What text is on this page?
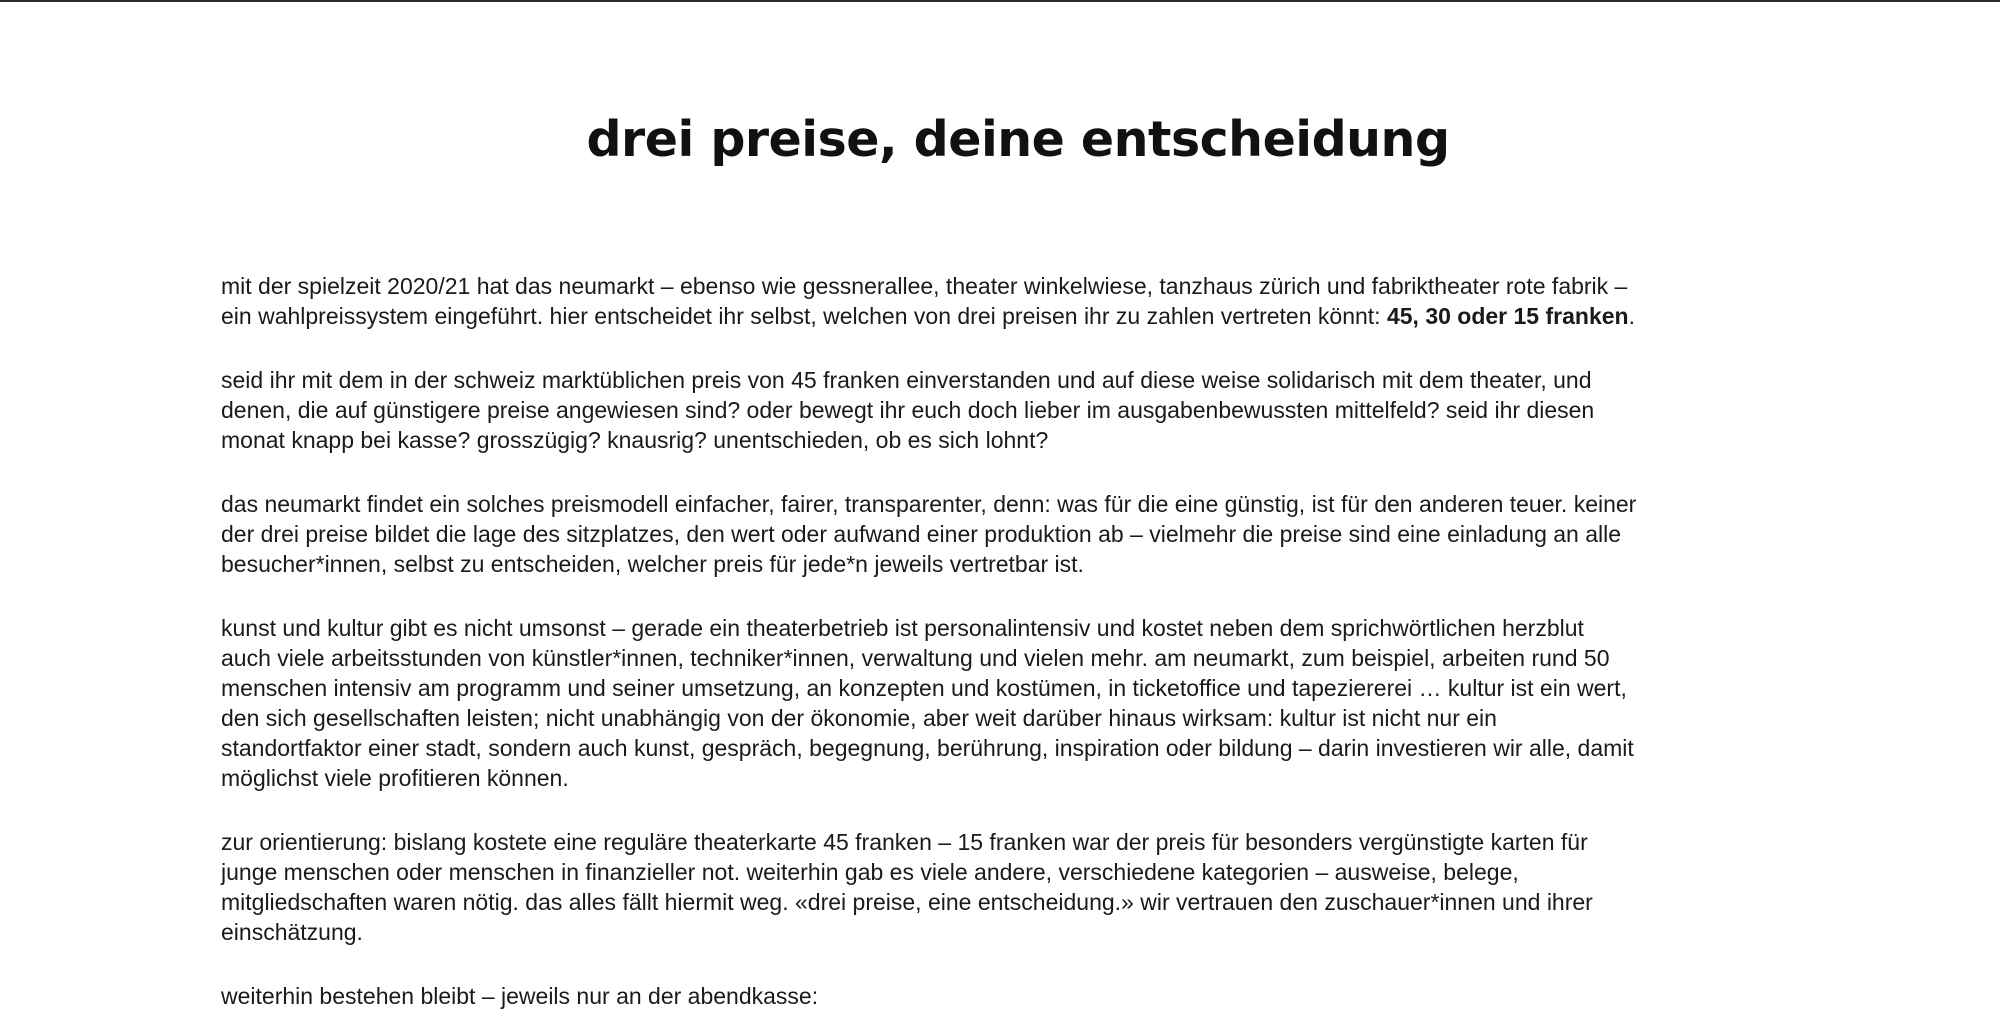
drei preise, deine entscheidung

mit der spielzeit 2020/21 hat das neumarkt – ebenso wie gessnerallee, theater winkelwiese, tanzhaus zürich und fabriktheater rote fabrik –
ein wahlpreissystem eingeführt. hier entscheidet ihr selbst, welchen von drei preisen ihr zu zahlen vertreten könnt: 45, 30 oder 15 franken.

seid ihr mit dem in der schweiz marktüblichen preis von 45 franken einverstanden und auf diese weise solidarisch mit dem theater, und
denen, die auf günstigere preise angewiesen sind? oder bewegt ihr euch doch lieber im ausgabenbewussten mittelfeld? seid ihr diesen
monat knapp bei kasse? grosszügig? knausrig? unentschieden, ob es sich lohnt?

das neumarkt findet ein solches preismodell einfacher, fairer, transparenter, denn: was für die eine günstig, ist für den anderen teuer. keiner
der drei preise bildet die lage des sitzplatzes, den wert oder aufwand einer produktion ab – vielmehr die preise sind eine einladung an alle
besucher*innen, selbst zu entscheiden, welcher preis für jede*n jeweils vertretbar ist.

kunst und kultur gibt es nicht umsonst – gerade ein theaterbetrieb ist personalintensiv und kostet neben dem sprichwörtlichen herzblut
auch viele arbeitsstunden von künstler*innen, techniker*innen, verwaltung und vielen mehr. am neumarkt, zum beispiel, arbeiten rund 50
menschen intensiv am programm und seiner umsetzung, an konzepten und kostümen, in ticketoffice und tapeziererei … kultur ist ein wert,
den sich gesellschaften leisten; nicht unabhängig von der ökonomie, aber weit darüber hinaus wirksam: kultur ist nicht nur ein
standortfaktor einer stadt, sondern auch kunst, gespräch, begegnung, berührung, inspiration oder bildung – darin investieren wir alle, damit
möglichst viele profitieren können.

zur orientierung: bislang kostete eine reguläre theaterkarte 45 franken – 15 franken war der preis für besonders vergünstigte karten für
junge menschen oder menschen in finanzieller not. weiterhin gab es viele andere, verschiedene kategorien – ausweise, belege,
mitgliedschaften waren nötig. das alles fällt hiermit weg. «drei preise, eine entscheidung.» wir vertrauen den zuschauer*innen und ihrer
einschätzung.

weiterhin bestehen bleibt – jeweils nur an der abendkasse:
